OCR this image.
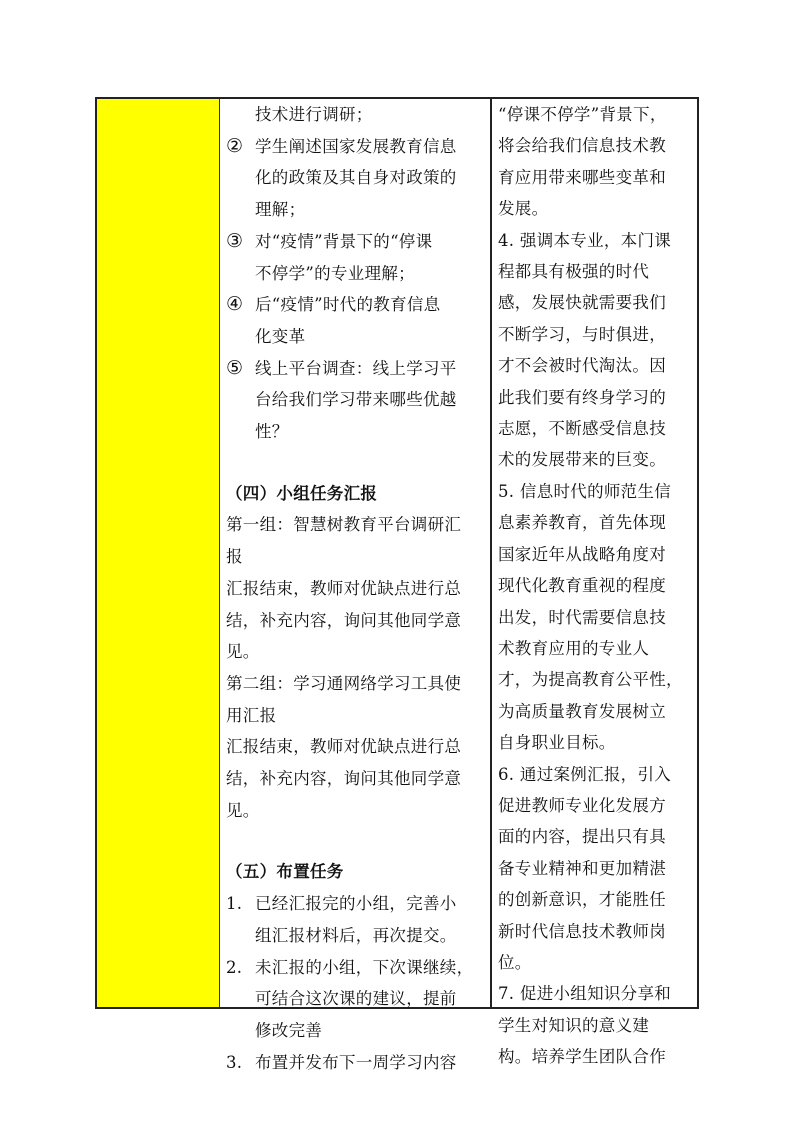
技术进行调研；
② 学生阐述国家发展教育信息
化的政策及其自身对政策的
理解；
③ 对“疫情”背景下的“停课
不停学”的专业理解；
④ 后“疫情”时代的教育信息
化变革
⑤ 线上平台调查：线上学习平
台给我们学习带来哪些优越
性？
（四）小组任务汇报
第一组：智慧树教育平台调研汇
报
汇报结束，教师对优缺点进行总
结，补充内容，询问其他同学意
见。
第二组：学习通网络学习工具使
用汇报
汇报结束，教师对优缺点进行总
结，补充内容，询问其他同学意
见。
（五）布置任务
1. 已经汇报完的小组，完善小
组汇报材料后，再次提交。
2. 未汇报的小组，下次课继续，
可结合这次课的建议，提前
修改完善
3. 布置并发布下一周学习内容
“停课不停学”背景下，
将会给我们信息技术教
育应用带来哪些变革和
发展。
4. 强调本专业，本门课
程都具有极强的时代
感，发展快就需要我们
不断学习，与时俱进，
才不会被时代淘汰。因
此我们要有终身学习的
志愿，不断感受信息技
术的发展带来的巨变。
5. 信息时代的师范生信
息素养教育，首先体现
国家近年从战略角度对
现代化教育重视的程度
出发，时代需要信息技
术教育应用的专业人
才，为提高教育公平性，
为高质量教育发展树立
自身职业目标。
6. 通过案例汇报，引入
促进教师专业化发展方
面的内容，提出只有具
备专业精神和更加精湛
的创新意识，才能胜任
新时代信息技术教师岗
位。
7. 促进小组知识分享和
学生对知识的意义建
构。培养学生团队合作
